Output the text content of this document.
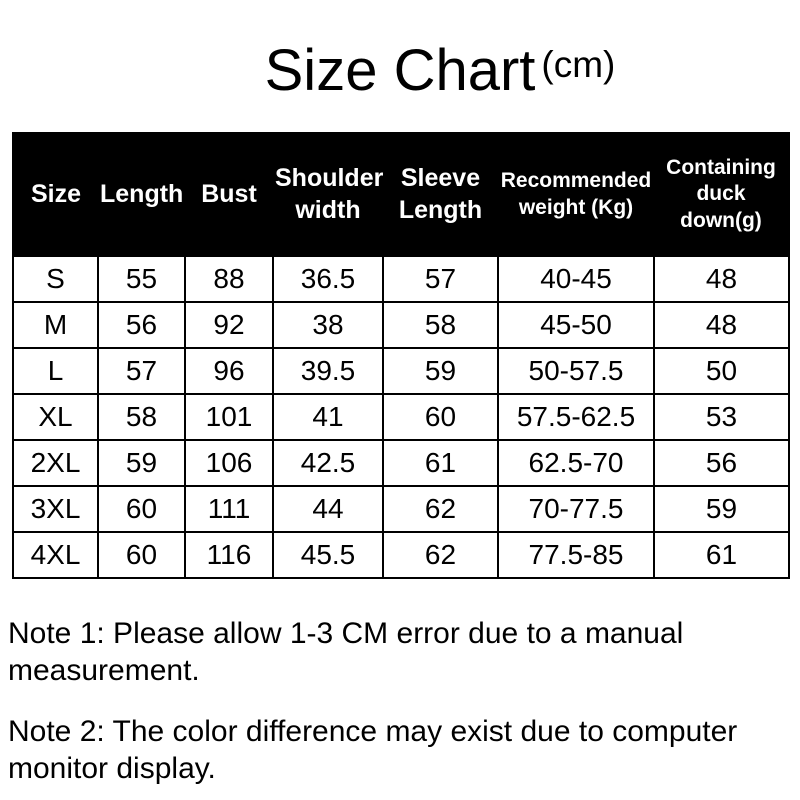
Size Chart $^{(cm)}$
Size	Length	Bust	Shoulder width	Sleeve Length	Recommended weight (Kg)	Containing duck down(g)
S	55	88	36.5	57	40-45	48
M	56	92	38	58	45-50	48
L	57	96	39.5	59	50-57.5	50
XL	58	101	41	60	57.5-62.5	53
2XL	59	106	42.5	61	62.5-70	56
3XL	60	111	44	62	70-77.5	59
4XL	60	116	45.5	62	77.5-85	61

Note 1: Please allow 1-3 CM error due to a manual measurement.

Note 2: The color difference may exist due to computer monitor display.
